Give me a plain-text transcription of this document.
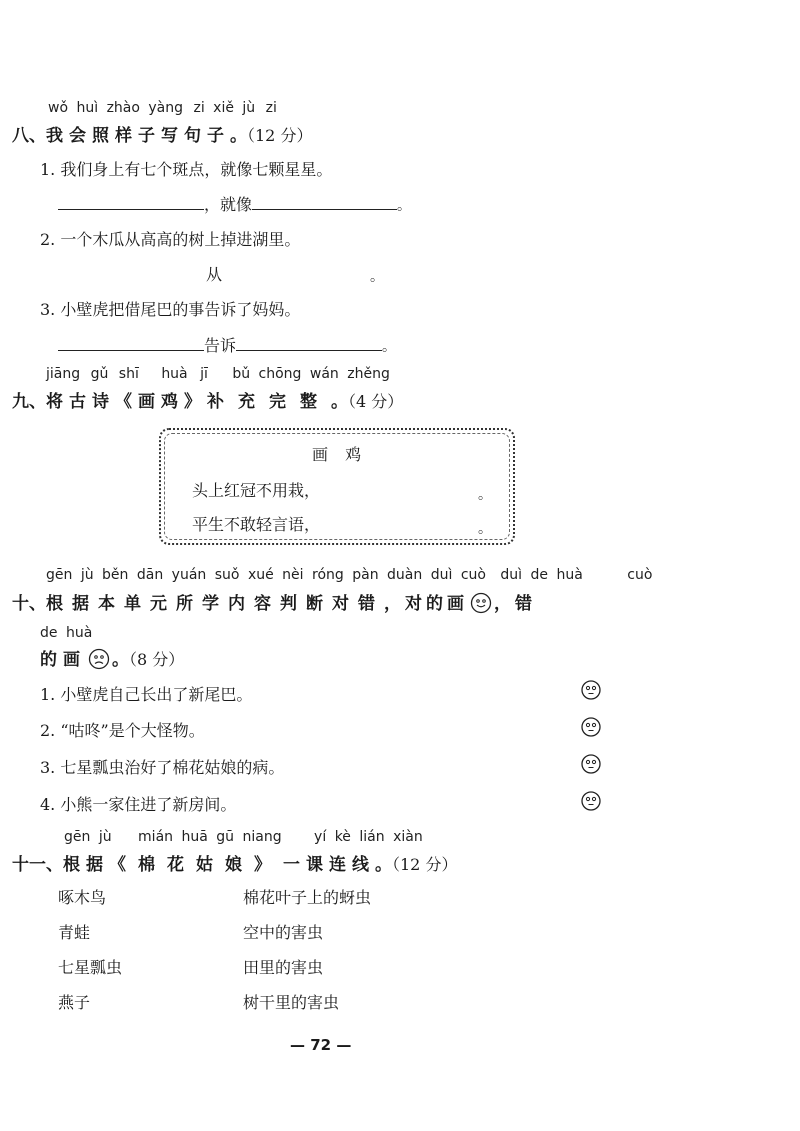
wǒ huì zhào yàng zi xiě jù zi
八、我会照样子写句子。（12 分）
1. 我们身上有七个斑点，就像七颗星星。
，就像	。
2. 一个木瓜从高高的树上掉进湖里。
从	。
3. 小壁虎把借尾巴的事告诉了妈妈。
告诉	。
jiāng gǔ shī huà jī bǔ chōng wán zhěng
九、将古诗《画鸡》补充完整。（4 分）
画 鸡
头上红冠不用栽，	。
平生不敢轻言语，	。
gēn jù běn dān yuán suǒ xué nèi róng pàn duàn duì cuò duì de huà	cuò
十、根据本单元所学内容判断对错，对的画 ，错
de huà
的画 。（8 分）
1. 小壁虎自己长出了新尾巴。
2. “咕咚”是个大怪物。
3. 七星瓢虫治好了棉花姑娘的病。
4. 小熊一家住进了新房间。
gēn jù mián huā gū niang yí kè lián xiàn
十一、根据《棉花姑娘》一课连线。（12 分）
啄木鸟
青蛙
七星瓢虫
燕子
棉花叶子上的蚜虫
空中的害虫
田里的害虫
树干里的害虫
— 72 —
